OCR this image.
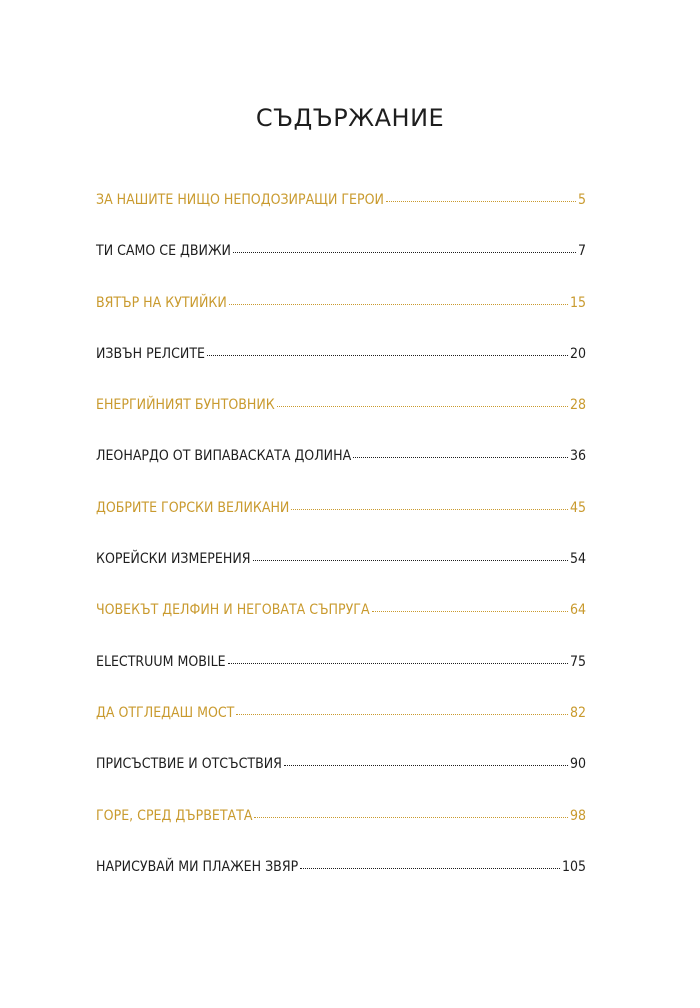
СЪДЪРЖАНИЕ
ЗА НАШИТЕ НИЩО НЕПОДОЗИРАЩИ ГЕРОИ	5
ТИ САМО СЕ ДВИЖИ	7
ВЯТЪР НА КУТИЙКИ	15
ИЗВЪН РЕЛСИТЕ	20
ЕНЕРГИЙНИЯТ БУНТОВНИК	28
ЛЕОНАРДО ОТ ВИПАВАСКАТА ДОЛИНА	36
ДОБРИТЕ ГОРСКИ ВЕЛИКАНИ	45
КОРЕЙСКИ ИЗМЕРЕНИЯ	54
ЧОВЕКЪТ ДЕЛФИН И НЕГОВАТА СЪПРУГА	64
ELECTRUUM MOBILE	75
ДА ОТГЛЕДАШ МОСТ	82
ПРИСЪСТВИЕ И ОТСЪСТВИЯ	90
ГОРЕ, СРЕД ДЪРВЕТАТА	98
НАРИСУВАЙ МИ ПЛАЖЕН ЗВЯР	105
